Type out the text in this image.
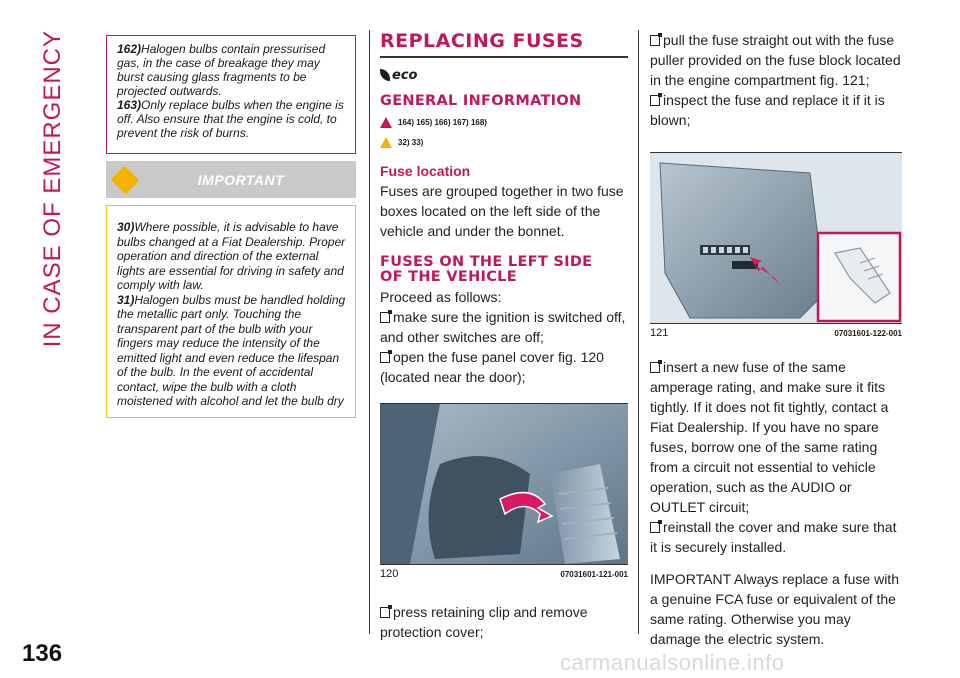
IN CASE OF EMERGENCY
136	carmanualsonline.info
162)Halogen bulbs contain pressurised gas, in the case of breakage they may burst causing glass fragments to be projected outwards.
163)Only replace bulbs when the engine is off. Also ensure that the engine is cold, to prevent the risk of burns.
IMPORTANT
30)Where possible, it is advisable to have bulbs changed at a Fiat Dealership. Proper operation and direction of the external lights are essential for driving in safety and comply with law.
31)Halogen bulbs must be handled holding the metallic part only. Touching the transparent part of the bulb with your fingers may reduce the intensity of the emitted light and even reduce the lifespan of the bulb. In the event of accidental contact, wipe the bulb with a cloth moistened with alcohol and let the bulb dry
REPLACING FUSES
eco
GENERAL INFORMATION
164) 165) 166) 167) 168)
32) 33)
Fuse location
Fuses are grouped together in two fuse boxes located on the left side of the vehicle and under the bonnet.
FUSES ON THE LEFT SIDE OF THE VEHICLE
Proceed as follows:
make sure the ignition is switched off, and other switches are off;
open the fuse panel cover fig. 120 (located near the door);
120	07031601-121-001
press retaining clip and remove protection cover;
pull the fuse straight out with the fuse puller provided on the fuse block located in the engine compartment fig. 121;
inspect the fuse and replace it if it is blown;
121	07031601-122-001
insert a new fuse of the same amperage rating, and make sure it fits tightly. If it does not fit tightly, contact a Fiat Dealership. If you have no spare fuses, borrow one of the same rating from a circuit not essential to vehicle operation, such as the AUDIO or OUTLET circuit;
reinstall the cover and make sure that it is securely installed.
IMPORTANT Always replace a fuse with a genuine FCA fuse or equivalent of the same rating. Otherwise you may damage the electric system.
